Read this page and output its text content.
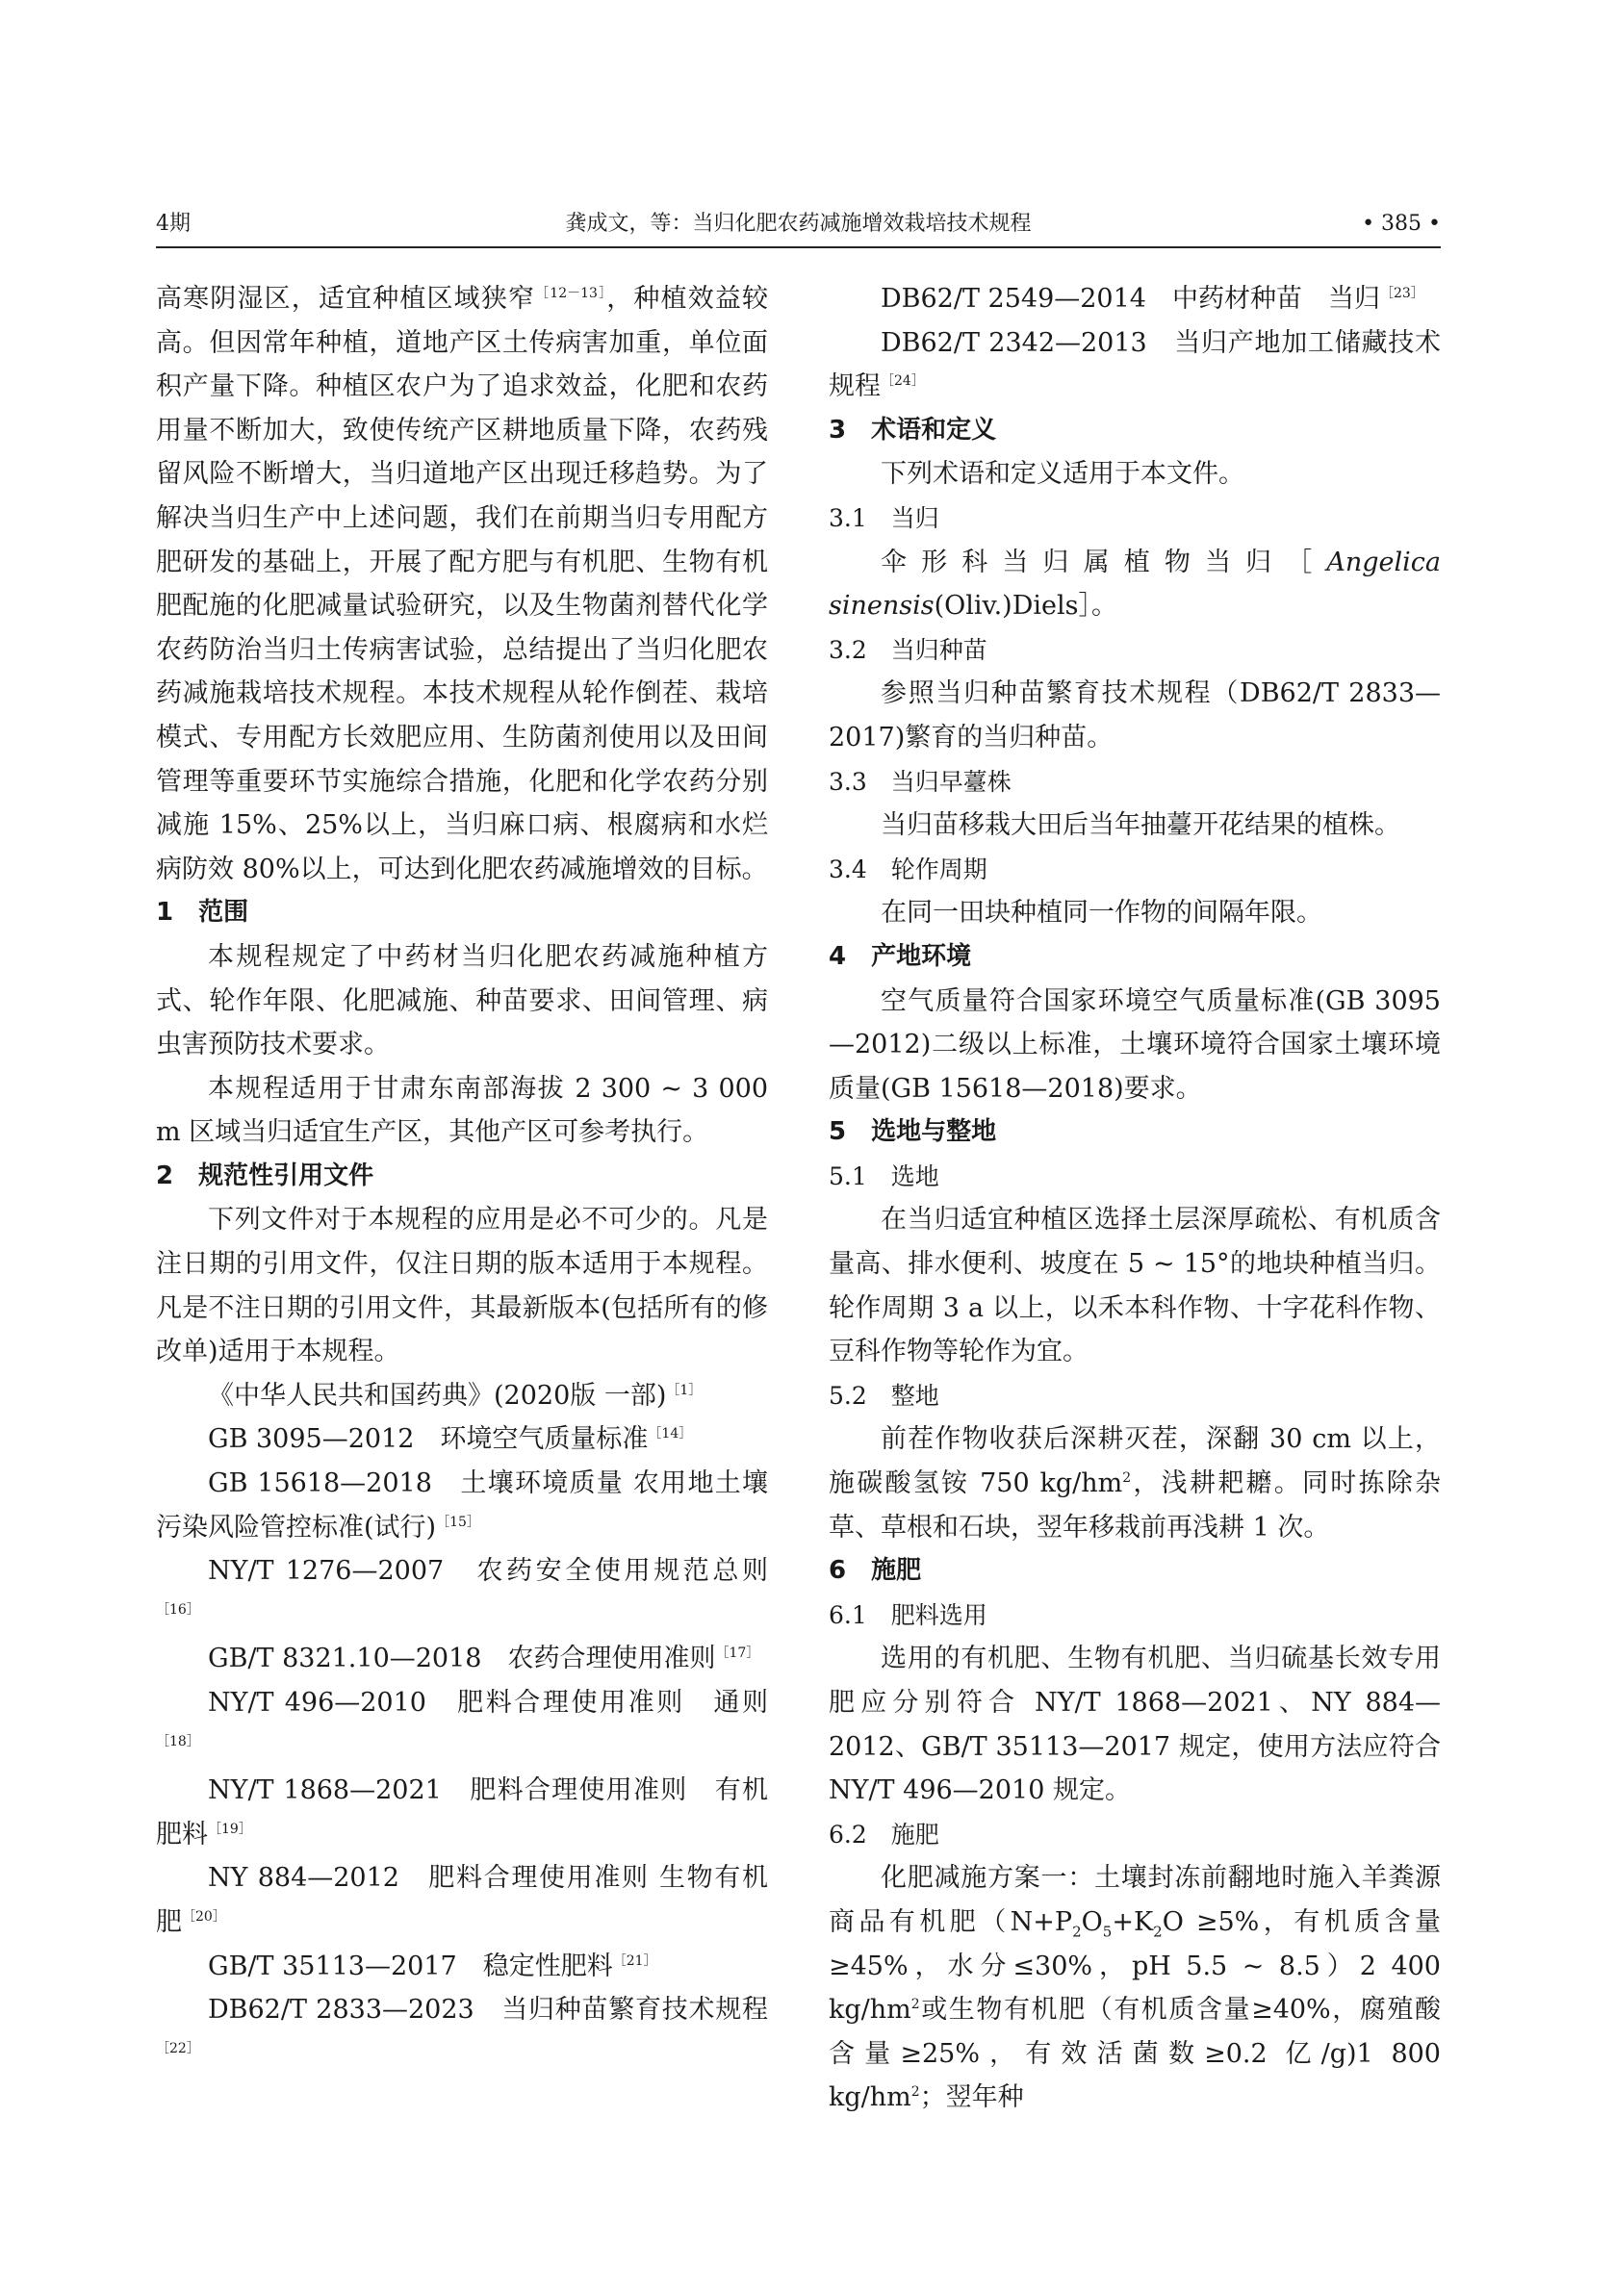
4期	龚成文，等：当归化肥农药减施增效栽培技术规程	• 385 •

高寒阴湿区，适宜种植区域狭窄$^{[12-13]}$，种植效益较高。但因常年种植，道地产区土传病害加重，单位面积产量下降。种植区农户为了追求效益，化肥和农药用量不断加大，致使传统产区耕地质量下降，农药残留风险不断增大，当归道地产区出现迁移趋势。为了解决当归生产中上述问题，我们在前期当归专用配方肥研发的基础上，开展了配方肥与有机肥、生物有机肥配施的化肥减量试验研究，以及生物菌剂替代化学农药防治当归土传病害试验，总结提出了当归化肥农药减施栽培技术规程。本技术规程从轮作倒茬、栽培模式、专用配方长效肥应用、生防菌剂使用以及田间管理等重要环节实施综合措施，化肥和化学农药分别减施 15%、25%以上，当归麻口病、根腐病和水烂病防效 80%以上，可达到化肥农药减施增效的目标。

1　范围

本规程规定了中药材当归化肥农药减施种植方式、轮作年限、化肥减施、种苗要求、田间管理、病虫害预防技术要求。

本规程适用于甘肃东南部海拔 2 300 ~ 3 000 m 区域当归适宜生产区，其他产区可参考执行。

2　规范性引用文件

下列文件对于本规程的应用是必不可少的。凡是注日期的引用文件，仅注日期的版本适用于本规程。凡是不注日期的引用文件，其最新版本(包括所有的修改单)适用于本规程。

《中华人民共和国药典》(2020版 一部)$^{[1]}$

GB 3095—2012　环境空气质量标准$^{[14]}$

GB 15618—2018　土壤环境质量 农用地土壤污染风险管控标准(试行)$^{[15]}$

NY/T 1276—2007　农药安全使用规范总则$^{[16]}$

GB/T 8321.10—2018　农药合理使用准则$^{[17]}$

NY/T 496—2010　肥料合理使用准则　通则$^{[18]}$

NY/T 1868—2021　肥料合理使用准则　有机肥料$^{[19]}$

NY 884—2012　肥料合理使用准则 生物有机肥$^{[20]}$

GB/T 35113—2017　稳定性肥料$^{[21]}$

DB62/T 2833—2023　当归种苗繁育技术规程$^{[22]}$

DB62/T 2549—2014　中药材种苗　当归$^{[23]}$

DB62/T 2342—2013　当归产地加工储藏技术规程$^{[24]}$

3　术语和定义

下列术语和定义适用于本文件。

3.1　当归

伞形科当归属植物当归［Angelica sinensis(Oliv.)Diels］。

3.2　当归种苗

参照当归种苗繁育技术规程（DB62/T 2833—2017)繁育的当归种苗。

3.3　当归早薹株

当归苗移栽大田后当年抽薹开花结果的植株。

3.4　轮作周期

在同一田块种植同一作物的间隔年限。

4　产地环境

空气质量符合国家环境空气质量标准(GB 3095—2012)二级以上标准，土壤环境符合国家土壤环境质量(GB 15618—2018)要求。

5　选地与整地

5.1　选地

在当归适宜种植区选择土层深厚疏松、有机质含量高、排水便利、坡度在 5 ~ 15°的地块种植当归。轮作周期 3 a 以上，以禾本科作物、十字花科作物、豆科作物等轮作为宜。

5.2　整地

前茬作物收获后深耕灭茬，深翻 30 cm 以上，施碳酸氢铵 750 $kg/hm^2$，浅耕耙耱。同时拣除杂草、草根和石块，翌年移栽前再浅耕 1 次。

6　施肥

6.1　肥料选用

选用的有机肥、生物有机肥、当归硫基长效专用肥应分别符合 NY/T 1868—2021、NY 884—2012、GB/T 35113—2017 规定，使用方法应符合 NY/T 496—2010 规定。

6.2　施肥

化肥减施方案一：土壤封冻前翻地时施入羊粪源商品有机肥（$N+P_2O_5+K_2O \ge 5\%$，有机质含量≥45%，水分≤30%，pH 5.5 ~ 8.5）2 400 $kg/hm^2$或生物有机肥（有机质含量≥40%，腐殖酸含量≥25%，有效活菌数≥0.2 亿/g)1 800 $kg/hm^2$；翌年种
